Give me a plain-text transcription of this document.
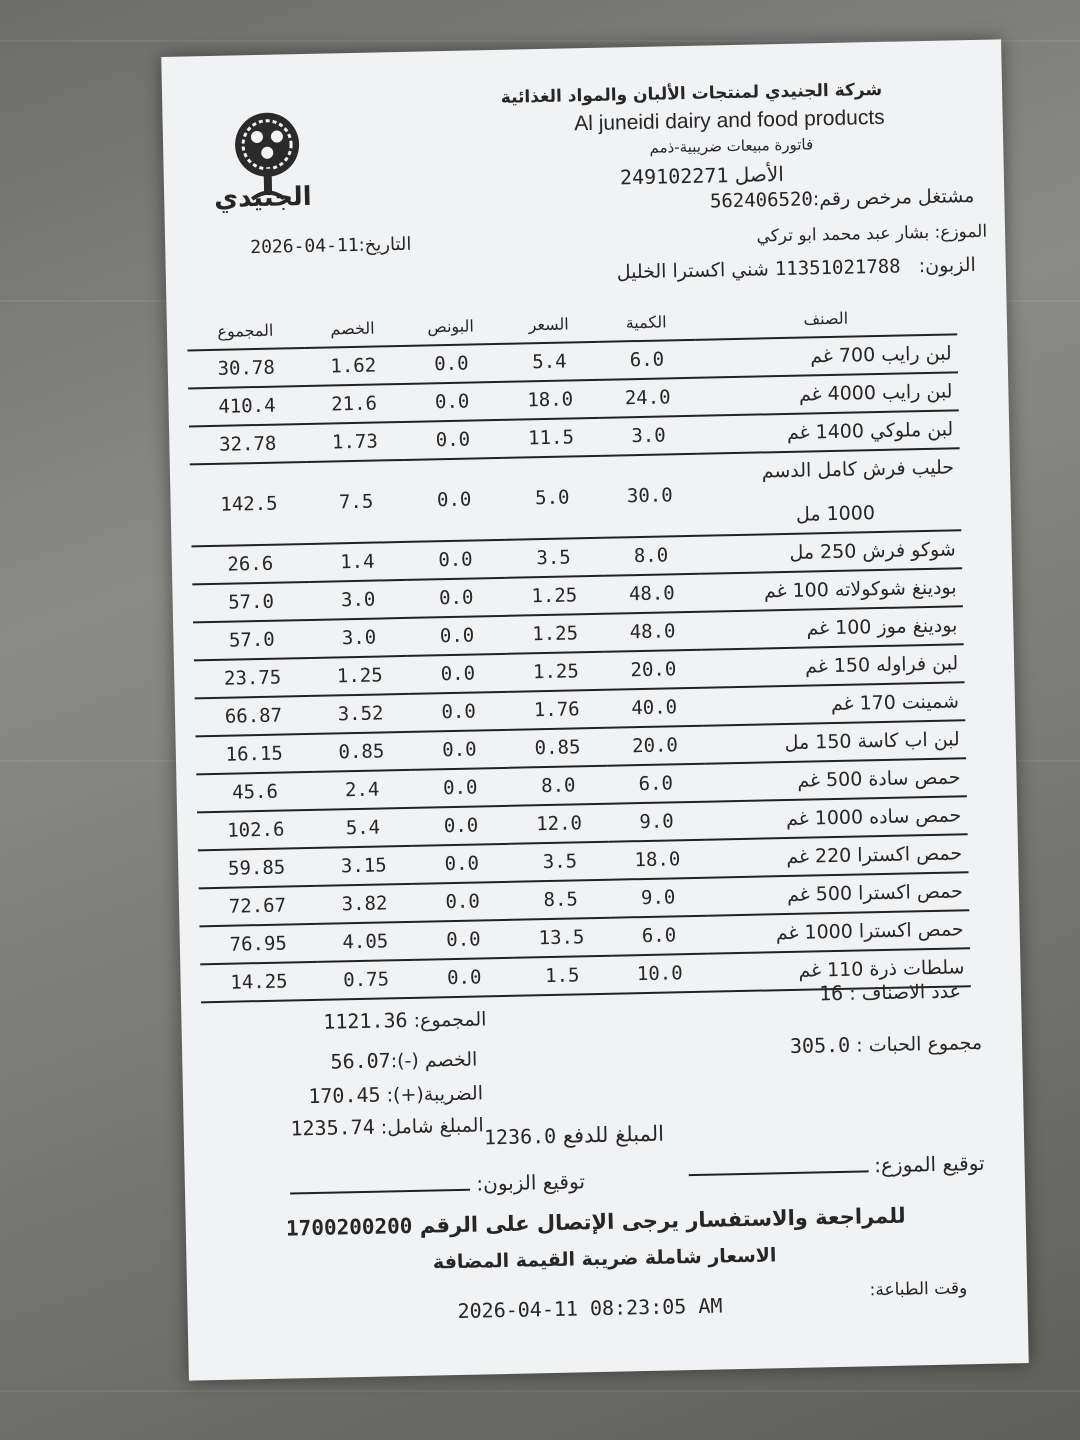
الجنيدي
شركة الجنيدي لمنتجات الألبان والمواد الغذائية
Al juneidi dairy and food products
فاتورة مبيعات ضريبية-ذمم
الأصل 249102271
مشتغل مرخص رقم:562406520
الموزع: بشار عبد محمد ابو تركي
التاريخ:2026-04-11
الزبون:   11351021788 شني اكسترا الخليل
الصنف	الكمية	السعر	البونص	الخصم	المجموع
لبن رايب 700 غم	6.0	5.4	0.0	1.62	30.78
لبن رايب 4000 غم	24.0	18.0	0.0	21.6	410.4
لبن ملوكي 1400 غم	3.0	11.5	0.0	1.73	32.78
حليب فرش كامل الدسم
1000 مل	30.0	5.0	0.0	7.5	142.5
شوكو فرش 250 مل	8.0	3.5	0.0	1.4	26.6
بودينغ شوكولاته 100 غم	48.0	1.25	0.0	3.0	57.0
بودينغ موز 100 غم	48.0	1.25	0.0	3.0	57.0
لبن فراوله 150 غم	20.0	1.25	0.0	1.25	23.75
شمينت 170 غم	40.0	1.76	0.0	3.52	66.87
لبن اب كاسة 150 مل	20.0	0.85	0.0	0.85	16.15
حمص سادة 500 غم	6.0	8.0	0.0	2.4	45.6
حمص ساده 1000 غم	9.0	12.0	0.0	5.4	102.6
حمص اكسترا 220 غم	18.0	3.5	0.0	3.15	59.85
حمص اكسترا 500 غم	9.0	8.5	0.0	3.82	72.67
حمص اكسترا 1000 غم	6.0	13.5	0.0	4.05	76.95
سلطات ذرة 110 غم	10.0	1.5	0.0	0.75	14.25	عدد الاصناف : 16
مجموع الحبات : 305.0
المجموع: 1121.36
الخصم (-):56.07
الضريبة(+): 170.45
المبلغ شامل: 1235.74	المبلغ للدفع 1236.0
توقيع الموزع:
توقيع الزبون:
للمراجعة والاستفسار يرجى الإتصال على الرقم 1700200200
الاسعار شاملة ضريبة القيمة المضافة
وقت الطباعة:
2026-04-11 08:23:05 AM
